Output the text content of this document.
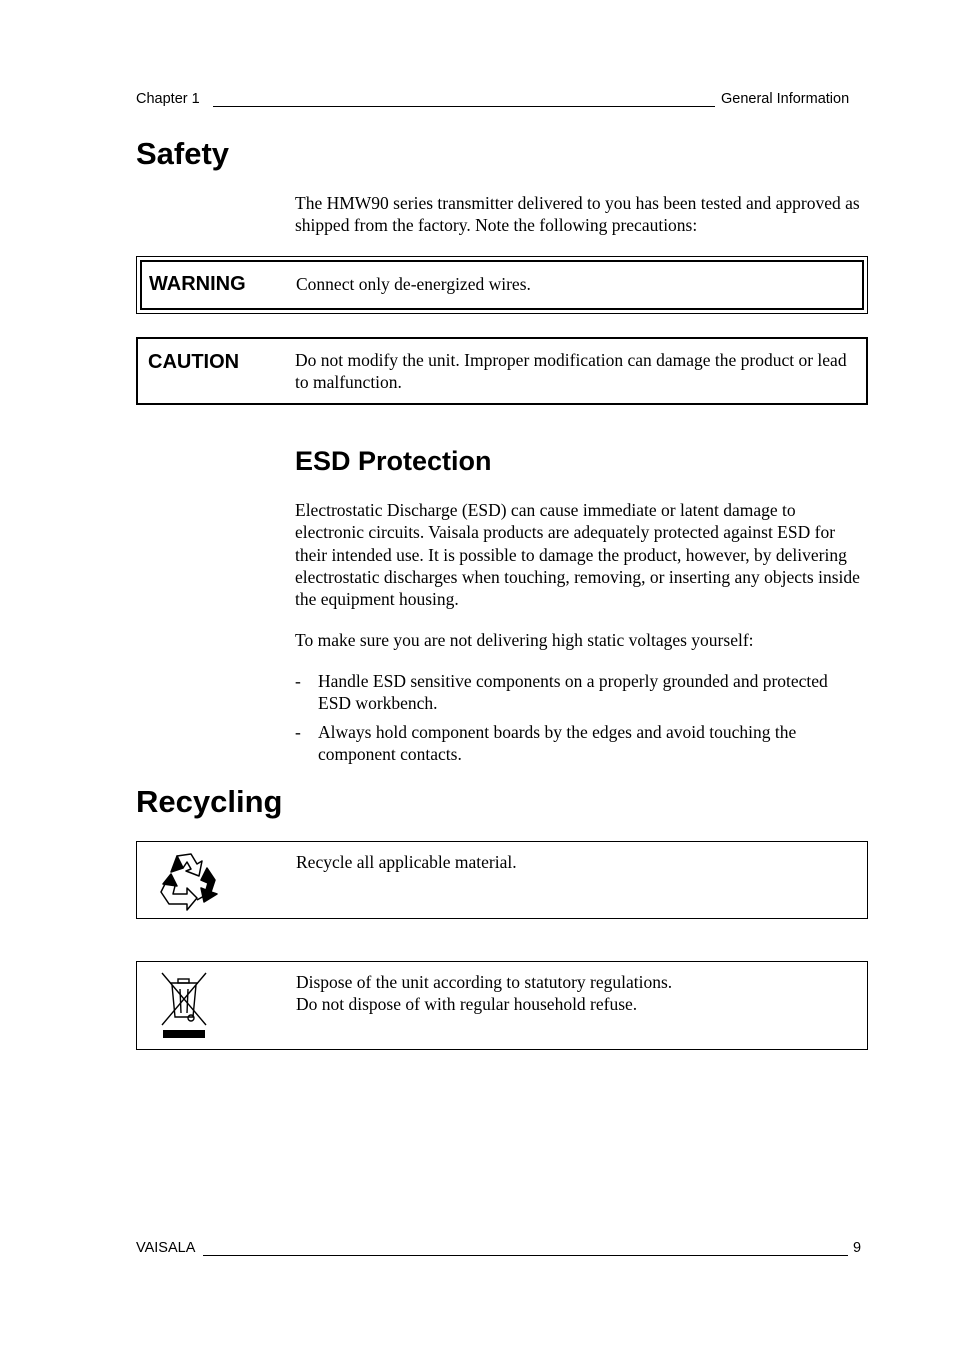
Chapter 1	General Information
Safety
The HMW90 series transmitter delivered to you has been tested and approved as shipped from the factory. Note the following precautions:
WARNING	Connect only de-energized wires.
CAUTION	Do not modify the unit. Improper modification can damage the product or lead to malfunction.
ESD Protection
Electrostatic Discharge (ESD) can cause immediate or latent damage to electronic circuits. Vaisala products are adequately protected against ESD for their intended use. It is possible to damage the product, however, by delivering electrostatic discharges when touching, removing, or inserting any objects inside the equipment housing.
To make sure you are not delivering high static voltages yourself:
- Handle ESD sensitive components on a properly grounded and protected ESD workbench.
- Always hold component boards by the edges and avoid touching the component contacts.
Recycling
Recycle all applicable material.
Dispose of the unit according to statutory regulations.
Do not dispose of with regular household refuse.
VAISALA	9
